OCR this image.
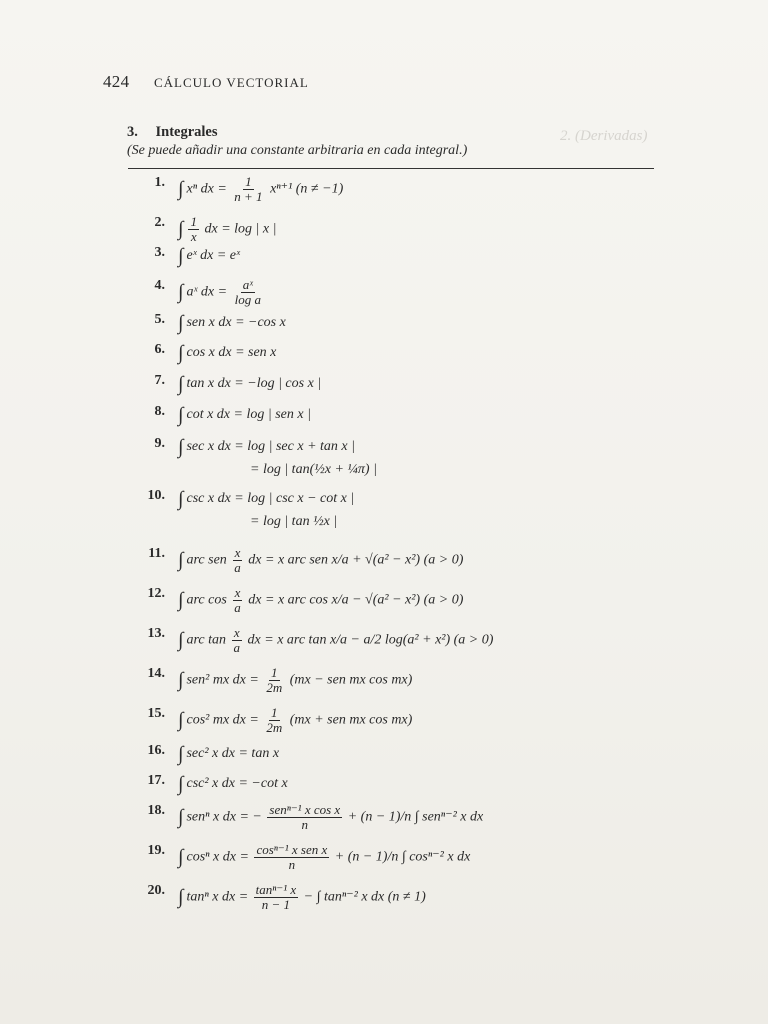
2. (Derivadas)
424 CÁLCULO VECTORIAL
3. Integrales
(Se puede añadir una constante arbitraria en cada integral.)
1. ∫ xⁿ dx = $\frac{1}{n + 1} x^{n+1}$ (n ≠ −1)
2. ∫ $\frac{1}{x}$ dx = log | x |
3. ∫ eˣ dx = eˣ
4. ∫ aˣ dx = $\frac{\text{aˣ}}{\text{log a}}$
5. ∫ sen x dx = −cos x
6. ∫ cos x dx = sen x
7. ∫ tan x dx = −log | cos x |
8. ∫ cot x dx = log | sen x |
9. ∫ sec x dx = log | sec x + tan x |
= log | tan(½x + ¼π) |
10. ∫ csc x dx = log | csc x − cot x |
= log | tan ½x |
11. ∫ arc sen $\frac{x}{a}$ dx = x arc sen x/a + √(a² − x²) (a > 0)
12. ∫ arc $\cos \frac{x}{a}$ dx = x arc cos x/a − √(a² − x²) (a > 0)
13. ∫ arc $\tan \frac{x}{a}$ dx = x arc tan x/a − a/2 log(a² + x²) (a > 0)
14. ∫ sen² mx dx = $\frac{1}{2m} (mx$ − sen mx cos mx)
15. ∫ cos² mx dx = $\frac{1}{2m} (mx$ + sen mx cos mx)
16. ∫ sec² x dx = tan x
17. ∫ csc² x dx = −cot x
18. ∫ senⁿ x dx = − $\frac{\text{senⁿ⁻¹ x cos x}}{n} + (n - 1)/n$ ∫ senⁿ⁻² x dx
19. ∫ cosⁿ x dx = $\frac{\text{cosⁿ⁻¹ x sen x}}{n} + (n - 1)/n$ ∫ cosⁿ⁻² x dx
20. ∫ tanⁿ x dx = $\frac{\text{tanⁿ⁻¹ x}}{n - 1}$ − ∫ tanⁿ⁻² x dx (n ≠ 1)
